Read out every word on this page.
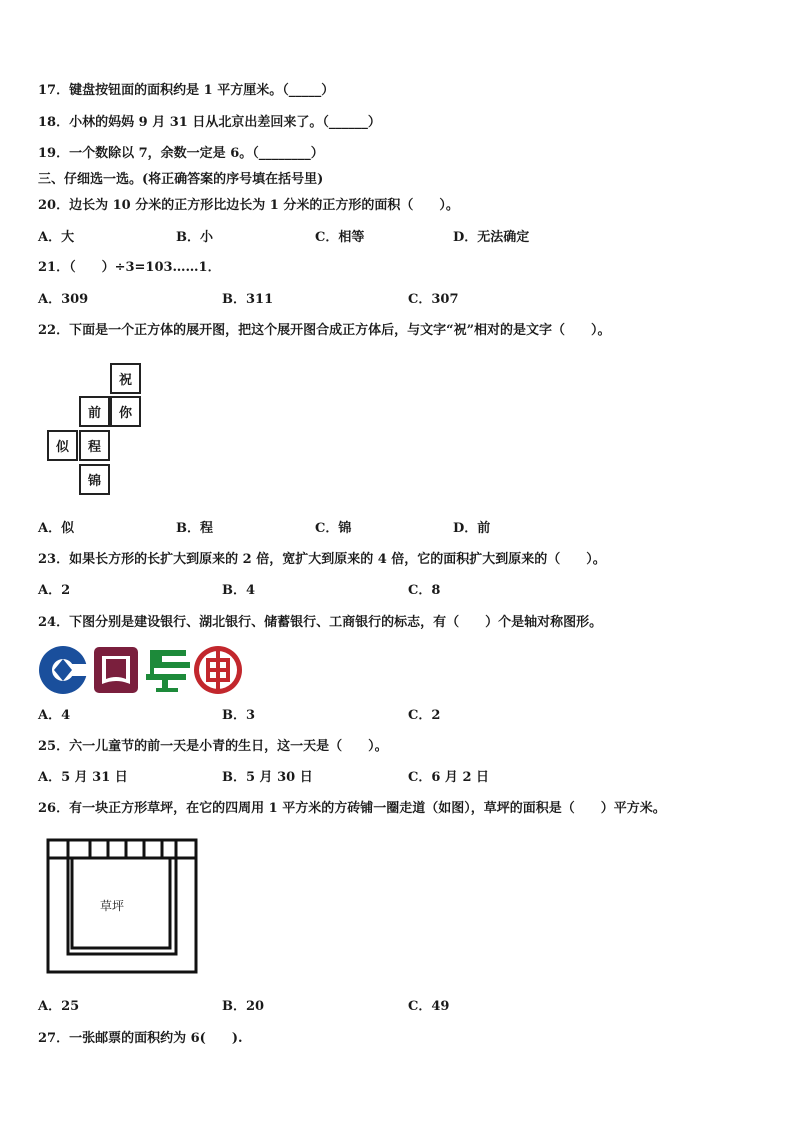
17．键盘按钮面的面积约是 1 平方厘米。（_____）
18．小林的妈妈 9 月 31 日从北京出差回来了。（______）
19．一个数除以 7，余数一定是 6。（________）
三、仔细选一选。(将正确答案的序号填在括号里)
20．边长为 10 分米的正方形比边长为 1 分米的正方形的面积（　　）。
A．大	B．小	C．相等	D．无法确定
21．（　　）÷3=103……1．
A．309	B．311	C．307
22．下面是一个正方体的展开图，把这个展开图合成正方体后，与文字“祝”相对的是文字（　　）。
祝
你
前
似	程
锦
A．似	B．程	C．锦	D．前
23．如果长方形的长扩大到原来的 2 倍，宽扩大到原来的 4 倍，它的面积扩大到原来的（　　）。
A．2	B．4	C．8
24．下图分别是建设银行、湖北银行、储蓄银行、工商银行的标志，有（　　）个是轴对称图形。
A．4	B．3	C．2
25．六一儿童节的前一天是小青的生日，这一天是（　　）。
A．5 月 31 日	B．5 月 30 日	C．6 月 2 日
26．有一块正方形草坪，在它的四周用 1 平方米的方砖铺一圈走道（如图），草坪的面积是（　　）平方米。
草坪
A．25	B．20	C．49
27．一张邮票的面积约为 6(　　).
